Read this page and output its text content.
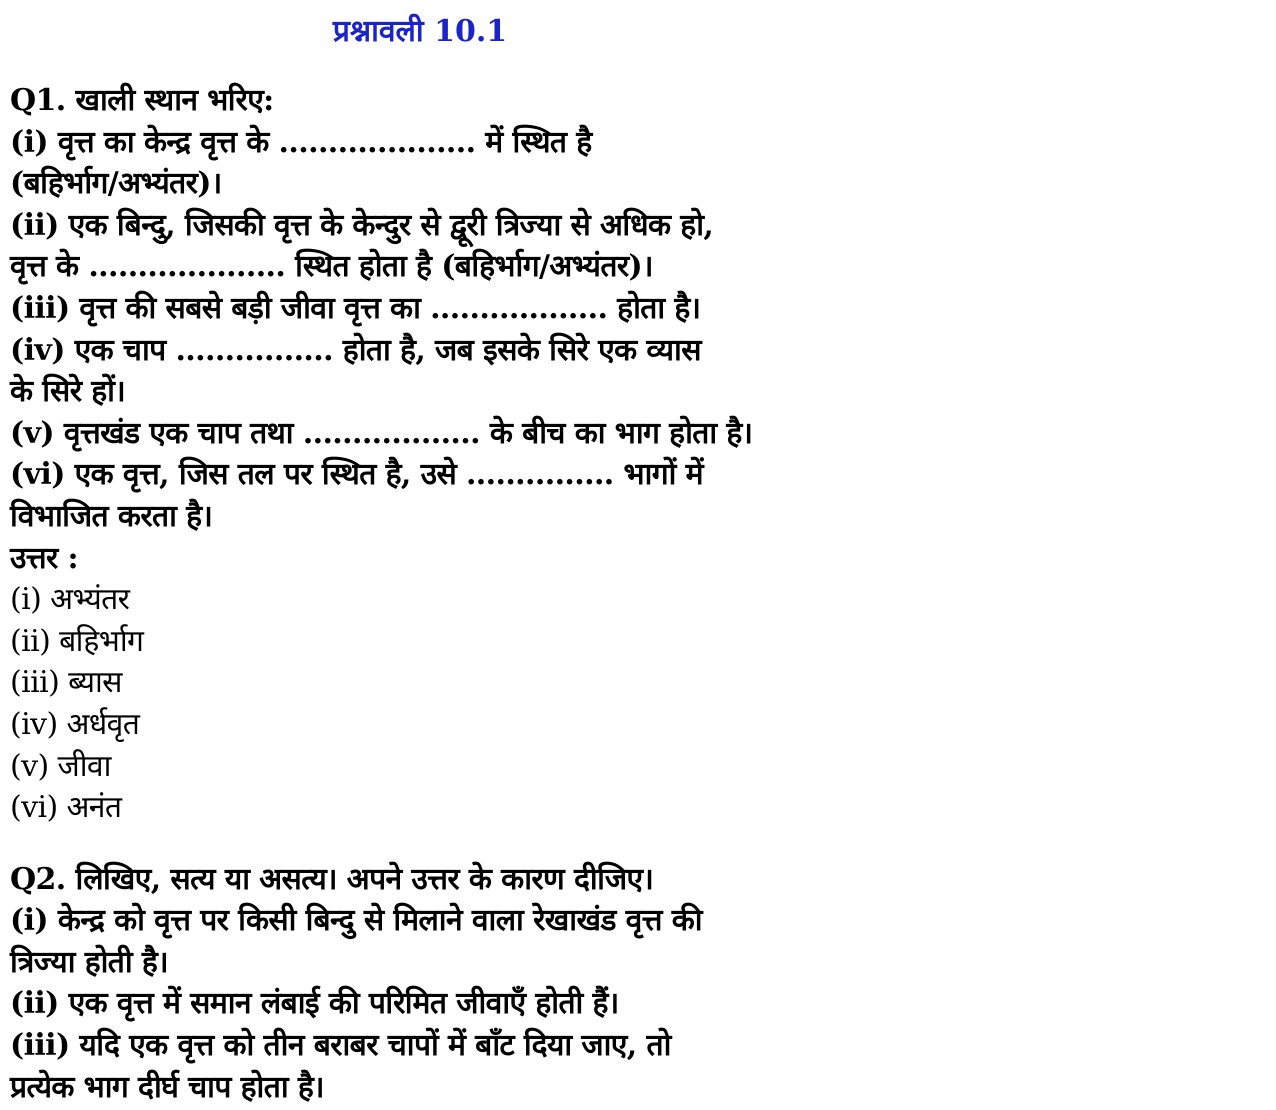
प्रश्नावली 10.1
Q1. खाली स्थान भरिए:
(i) वृत्त का केन्द्र वृत्त के .................... में स्थित है
(बहिर्भाग/अभ्यंतर)।
(ii) एक बिन्दु, जिसकी वृत्त के केन्दुर से द्वूरी त्रिज्या से अधिक हो,
वृत्त के .................... स्थित होता है (बहिर्भाग/अभ्यंतर)।
(iii) वृत्त की सबसे बड़ी जीवा वृत्त का .................. होता है।
(iv) एक चाप ................ होता है, जब इसके सिरे एक व्यास
के सिरे हों।
(v) वृत्तखंड एक चाप तथा .................. के बीच का भाग होता है।
(vi) एक वृत्त, जिस तल पर स्थित है, उसे ............... भागों में
विभाजित करता है।
उत्तर :
(i) अभ्यंतर
(ii) बहिर्भाग
(iii) ब्यास
(iv) अर्धवृत
(v) जीवा
(vi) अनंत
Q2. लिखिए, सत्य या असत्य। अपने उत्तर के कारण दीजिए।
(i) केन्द्र को वृत्त पर किसी बिन्दु से मिलाने वाला रेखाखंड वृत्त की
त्रिज्या होती है।
(ii) एक वृत्त में समान लंबाई की परिमित जीवाएँ होती हैं।
(iii) यदि एक वृत्त को तीन बराबर चापों में बाँट दिया जाए, तो
प्रत्येक भाग दीर्घ चाप होता है।
